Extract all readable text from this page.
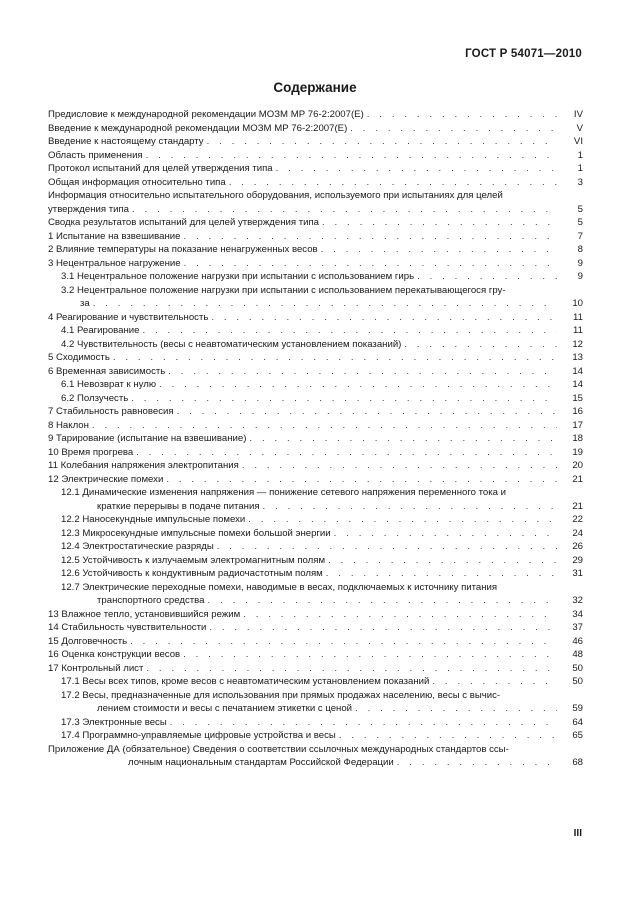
ГОСТ Р 54071—2010
Содержание
Предисловие к международной рекомендации МОЗМ МР 76-2:2007(E) . . .	IV
Введение к международной рекомендации МОЗМ МР 76-2:2007(E) . . .	V
Введение к настоящему стандарту . . .	VI
Область применения . . .	1
Протокол испытаний для целей утверждения типа . . .	1
Общая информация относительно типа . . .	3
Информация относительно испытательного оборудования, используемого при испытаниях для целей
утверждения типа . . .	5
Сводка результатов испытаний для целей утверждения типа . . .	5
1 Испытание на взвешивание . . .	7
2 Влияние температуры на показание ненагруженных весов . . .	8
3 Нецентральное нагружение . . .	9
3.1 Нецентральное положение нагрузки при испытании с использованием гирь . . .	9
3.2 Нецентральное положение нагрузки при испытании с использованием перекатывающегося гру-
за . . .	10
4 Реагирование и чувствительность . . .	11
4.1 Реагирование . . .	11
4.2 Чувствительность (весы с неавтоматическим установлением показаний) . . .	12
5 Сходимость . . .	13
6 Временная зависимость . . .	14
6.1 Невозврат к нулю . . .	14
6.2 Ползучесть . . .	15
7 Стабильность равновесия . . .	16
8 Наклон . . .	17
9 Тарирование (испытание на взвешивание) . . .	18
10 Время прогрева . . .	19
11 Колебания напряжения электропитания . . .	20
12 Электрические помехи . . .	21
12.1 Динамические изменения напряжения — понижение сетевого напряжения переменного тока и
краткие перерывы в подаче питания . . .	21
12.2 Наносекундные импульсные помехи . . .	22
12.3 Микросекундные импульсные помехи большой энергии . . .	24
12.4 Электростатические разряды . . .	26
12.5 Устойчивость к излучаемым электромагнитным полям . . .	29
12.6 Устойчивость к кондуктивным радиочастотным полям . . .	31
12.7 Электрические переходные помехи, наводимые в весах, подключаемых к источнику питания
транспортного средства . . .	32
13 Влажное тепло, установившийся режим . . .	34
14 Стабильность чувствительности . . .	37
15 Долговечность . . .	46
16 Оценка конструкции весов . . .	48
17 Контрольный лист . . .	50
17.1 Весы всех типов, кроме весов с неавтоматическим установлением показаний . . .	50
17.2 Весы, предназначенные для использования при прямых продажах населению, весы с вычис-
лением стоимости и весы с печатанием этикетки с ценой . . .	59
17.3 Электронные весы . . .	64
17.4 Программно-управляемые цифровые устройства и весы . . .	65
Приложение ДА (обязательное) Сведения о соответствии ссылочных международных стандартов ссы-
лочным национальным стандартам Российской Федерации . . .	68
III
